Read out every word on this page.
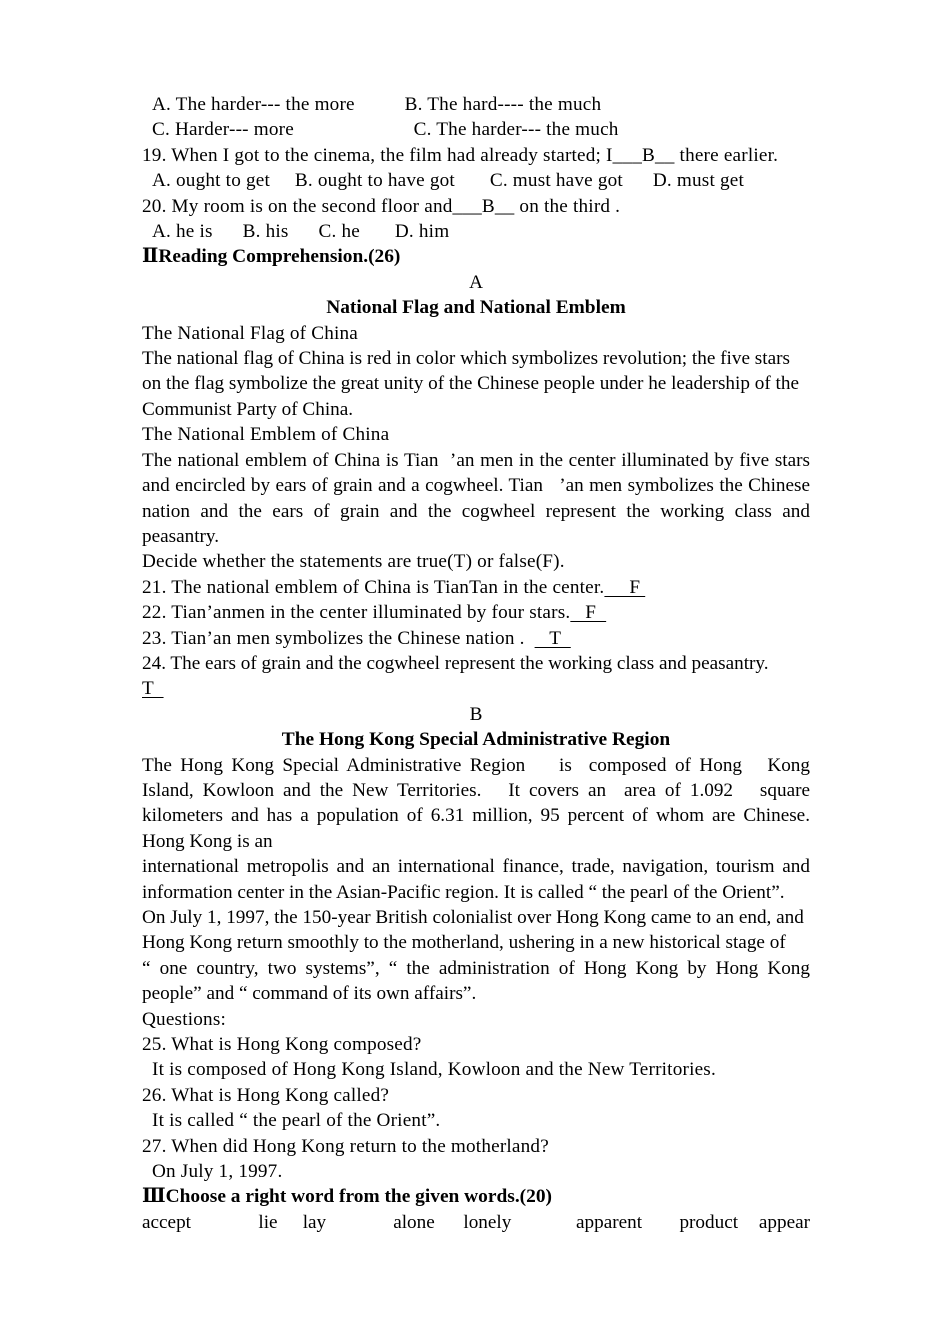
A. The harder--- the more          B. The hard---- the much
C. Harder--- more                        C. The harder--- the much
19. When I got to the cinema, the film had already started; I___B__ there earlier.
A. ought to get     B. ought to have got       C. must have got      D. must get
20. My room is on the second floor and___B__ on the third .
A. he is      B. his      C. he       D. him
ⅡReading Comprehension.(26)
A
National Flag and National Emblem
The National Flag of China
The national flag of China is red in color which symbolizes revolution; the five stars on the flag symbolize the great unity of the Chinese people under he leadership of the Communist Party of China.
The National Emblem of China
The national emblem of China is Tian  ’an men in the center illuminated by five stars and encircled by ears of grain and a cogwheel. Tian   ’an men symbolizes the Chinese nation and the ears of grain and the cogwheel represent the working class and peasantry.
Decide whether the statements are true(T) or false(F).
21. The national emblem of China is TianTan in the center.     F
22. Tian’anmen in the center illuminated by four stars.   F
23. Tian’an men symbolizes the Chinese nation .     T
24. The ears of grain and the cogwheel represent the working class and peasantry.
T
B
The Hong Kong Special Administrative Region
The Hong Kong Special Administrative Region    is  composed of Hong   Kong  Island, Kowloon and the New Territories.   It covers an  area of 1.092   square kilometers and has a population of 6.31 million, 95 percent of whom are Chinese. Hong Kong is an
international metropolis and an international finance, trade, navigation, tourism and information center in the Asian-Pacific region. It is called “ the pearl of the Orient”.
On July 1, 1997, the 150-year British colonialist over Hong Kong came to an end, and Hong Kong return smoothly to the motherland, ushering in a new historical stage of
“ one country, two systems”, “ the administration of Hong Kong by Hong Kong people” and “ command of its own affairs”.
Questions:
25. What is Hong Kong composed?
It is composed of Hong Kong Island, Kowloon and the New Territories.
26. What is Hong Kong called?
It is called “ the pearl of the Orient”.
27. When did Hong Kong return to the motherland?
On July 1, 1997.
ⅢChoose a right word from the given words.(20)
accept	lie	lay	alone	lonely	apparent	product	appear
